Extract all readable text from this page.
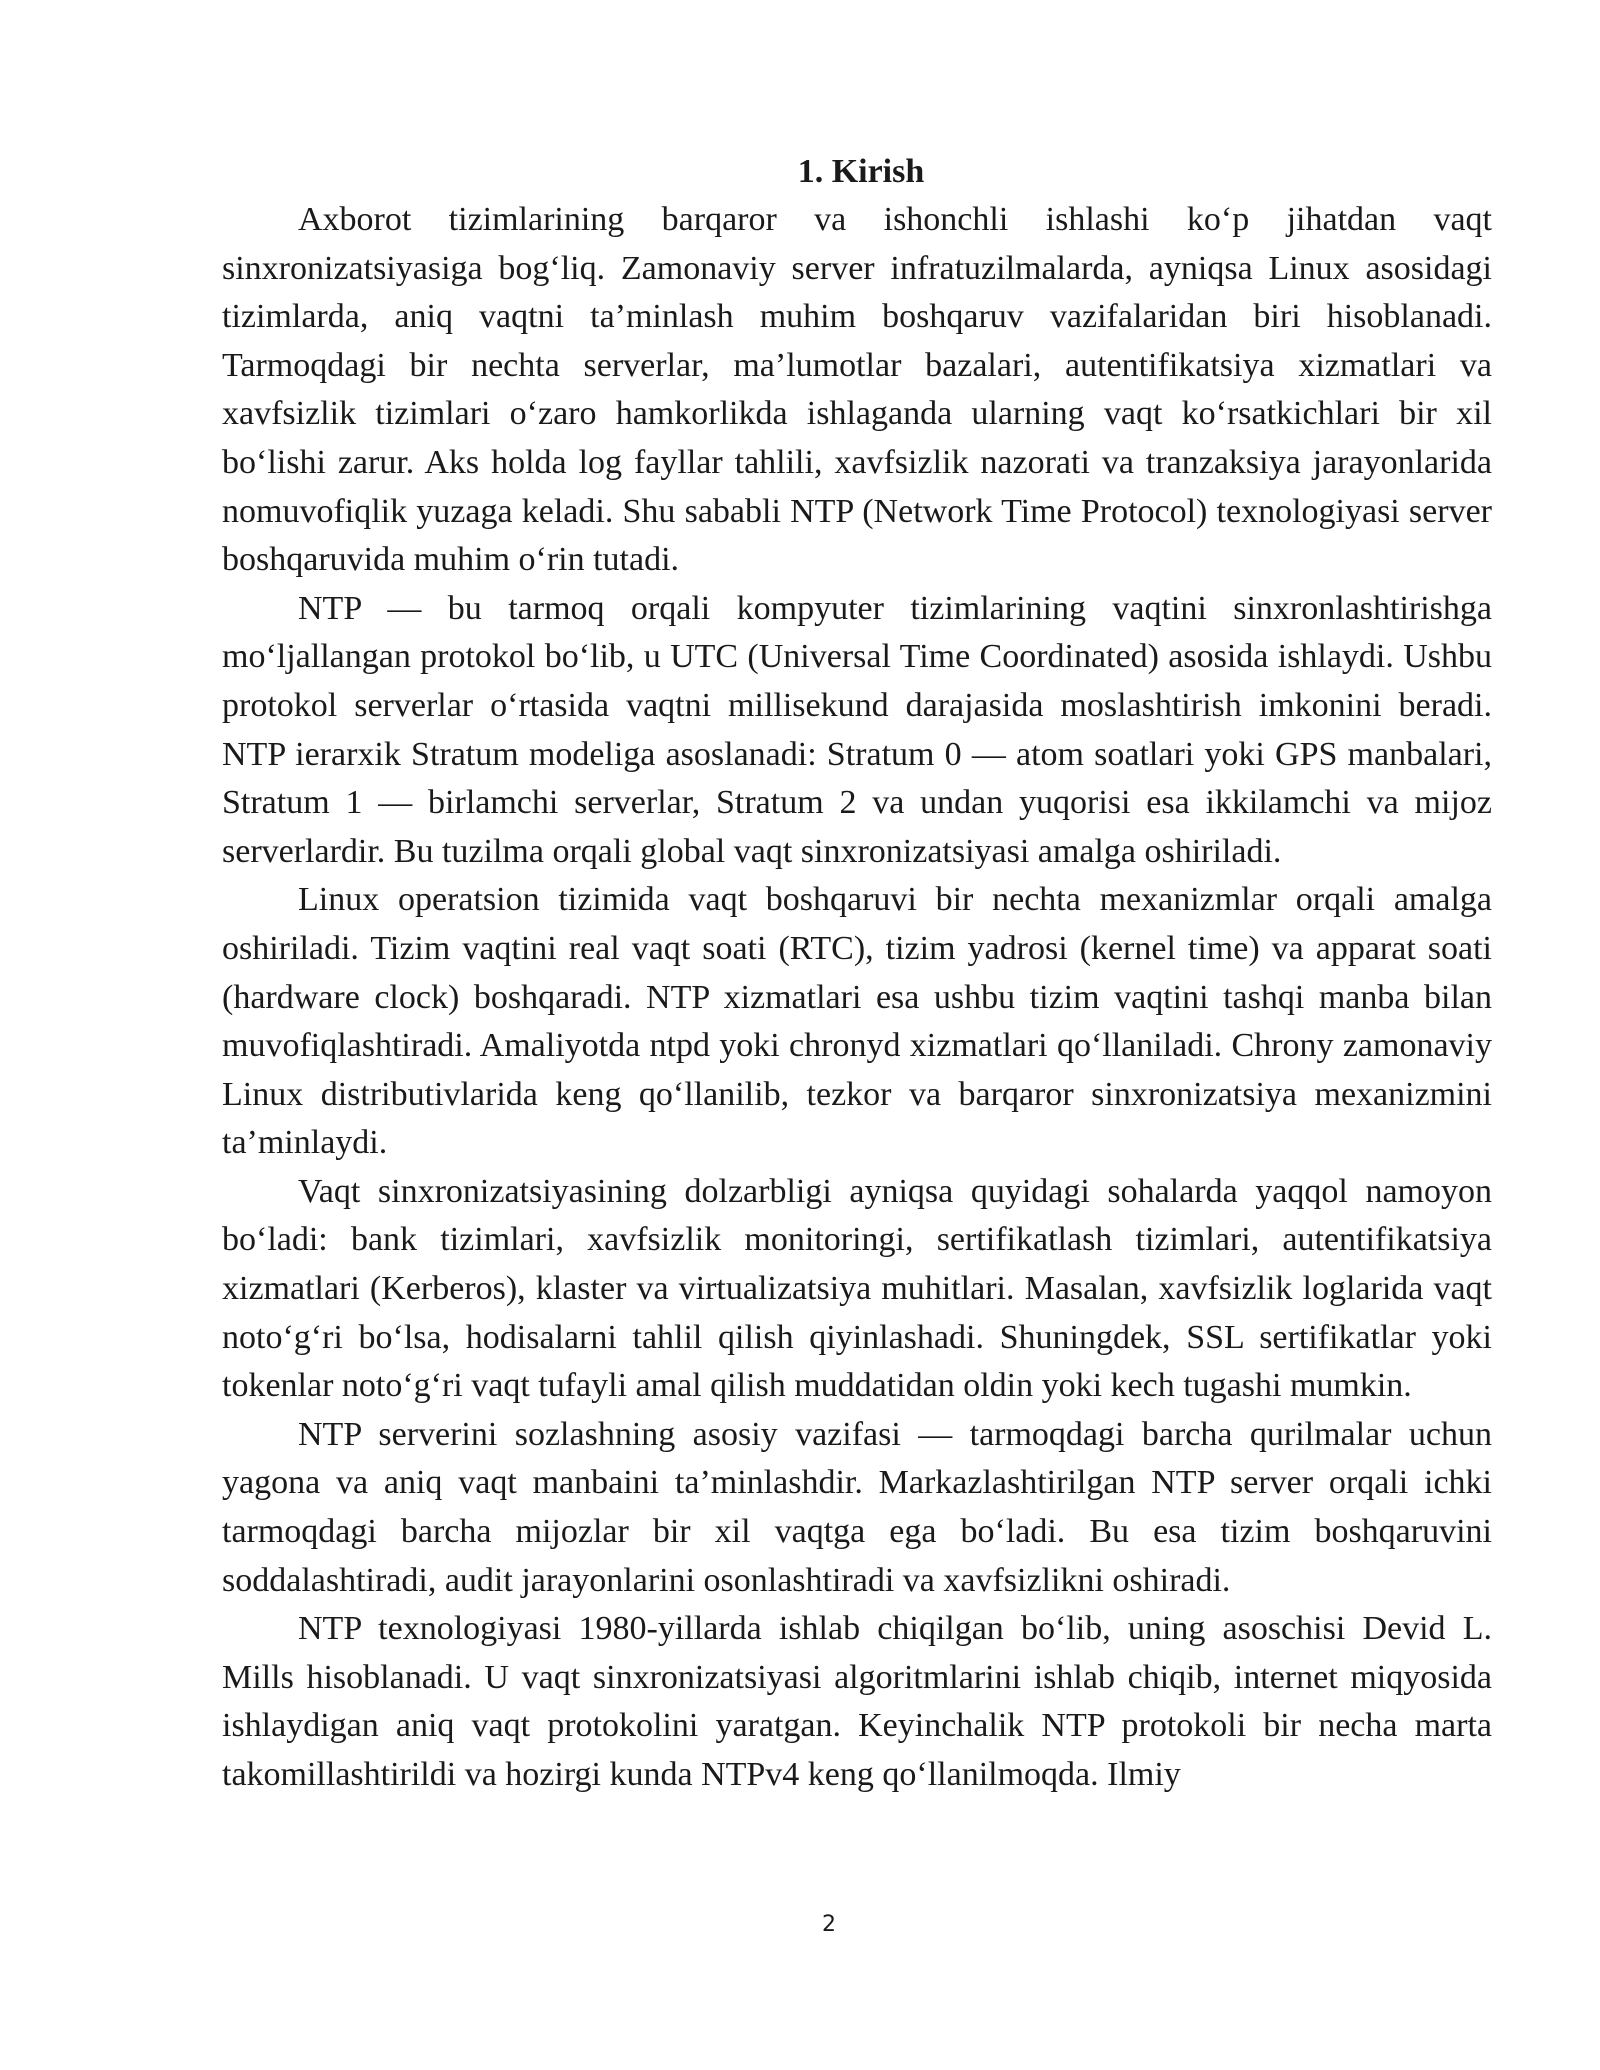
1. Kirish

Axborot tizimlarining barqaror va ishonchli ishlashi ko‘p jihatdan vaqt sinxronizatsiyasiga bog‘liq. Zamonaviy server infratuzilmalarda, ayniqsa Linux asosidagi tizimlarda, aniq vaqtni ta’minlash muhim boshqaruv vazifalaridan biri hisoblanadi. Tarmoqdagi bir nechta serverlar, ma’lumotlar bazalari, autentifikatsiya xizmatlari va xavfsizlik tizimlari o‘zaro hamkorlikda ishlaganda ularning vaqt ko‘rsatkichlari bir xil bo‘lishi zarur. Aks holda log fayllar tahlili, xavfsizlik nazorati va tranzaksiya jarayonlarida nomuvofiqlik yuzaga keladi. Shu sababli NTP (Network Time Protocol) texnologiyasi server boshqaruvida muhim o‘rin tutadi.

NTP — bu tarmoq orqali kompyuter tizimlarining vaqtini sinxronlashtirishga mo‘ljallangan protokol bo‘lib, u UTC (Universal Time Coordinated) asosida ishlaydi. Ushbu protokol serverlar o‘rtasida vaqtni millisekund darajasida moslashtirish imkonini beradi. NTP ierarxik Stratum modeliga asoslanadi: Stratum 0 — atom soatlari yoki GPS manbalari, Stratum 1 — birlamchi serverlar, Stratum 2 va undan yuqorisi esa ikkilamchi va mijoz serverlardir. Bu tuzilma orqali global vaqt sinxronizatsiyasi amalga oshiriladi.

Linux operatsion tizimida vaqt boshqaruvi bir nechta mexanizmlar orqali amalga oshiriladi. Tizim vaqtini real vaqt soati (RTC), tizim yadrosi (kernel time) va apparat soati (hardware clock) boshqaradi. NTP xizmatlari esa ushbu tizim vaqtini tashqi manba bilan muvofiqlashtiradi. Amaliyotda ntpd yoki chronyd xizmatlari qo‘llaniladi. Chrony zamonaviy Linux distributivlarida keng qo‘llanilib, tezkor va barqaror sinxronizatsiya mexanizmini ta’minlaydi.

Vaqt sinxronizatsiyasining dolzarbligi ayniqsa quyidagi sohalarda yaqqol namoyon bo‘ladi: bank tizimlari, xavfsizlik monitoringi, sertifikatlash tizimlari, autentifikatsiya xizmatlari (Kerberos), klaster va virtualizatsiya muhitlari. Masalan, xavfsizlik loglarida vaqt noto‘g‘ri bo‘lsa, hodisalarni tahlil qilish qiyinlashadi. Shuningdek, SSL sertifikatlar yoki tokenlar noto‘g‘ri vaqt tufayli amal qilish muddatidan oldin yoki kech tugashi mumkin.

NTP serverini sozlashning asosiy vazifasi — tarmoqdagi barcha qurilmalar uchun yagona va aniq vaqt manbaini ta’minlashdir. Markazlashtirilgan NTP server orqali ichki tarmoqdagi barcha mijozlar bir xil vaqtga ega bo‘ladi. Bu esa tizim boshqaruvini soddalashtiradi, audit jarayonlarini osonlashtiradi va xavfsizlikni oshiradi.

NTP texnologiyasi 1980-yillarda ishlab chiqilgan bo‘lib, uning asoschisi Devid L. Mills hisoblanadi. U vaqt sinxronizatsiyasi algoritmlarini ishlab chiqib, internet miqyosida ishlaydigan aniq vaqt protokolini yaratgan. Keyinchalik NTP protokoli bir necha marta takomillashtirildi va hozirgi kunda NTPv4 keng qo‘llanilmoqda. Ilmiy

2
